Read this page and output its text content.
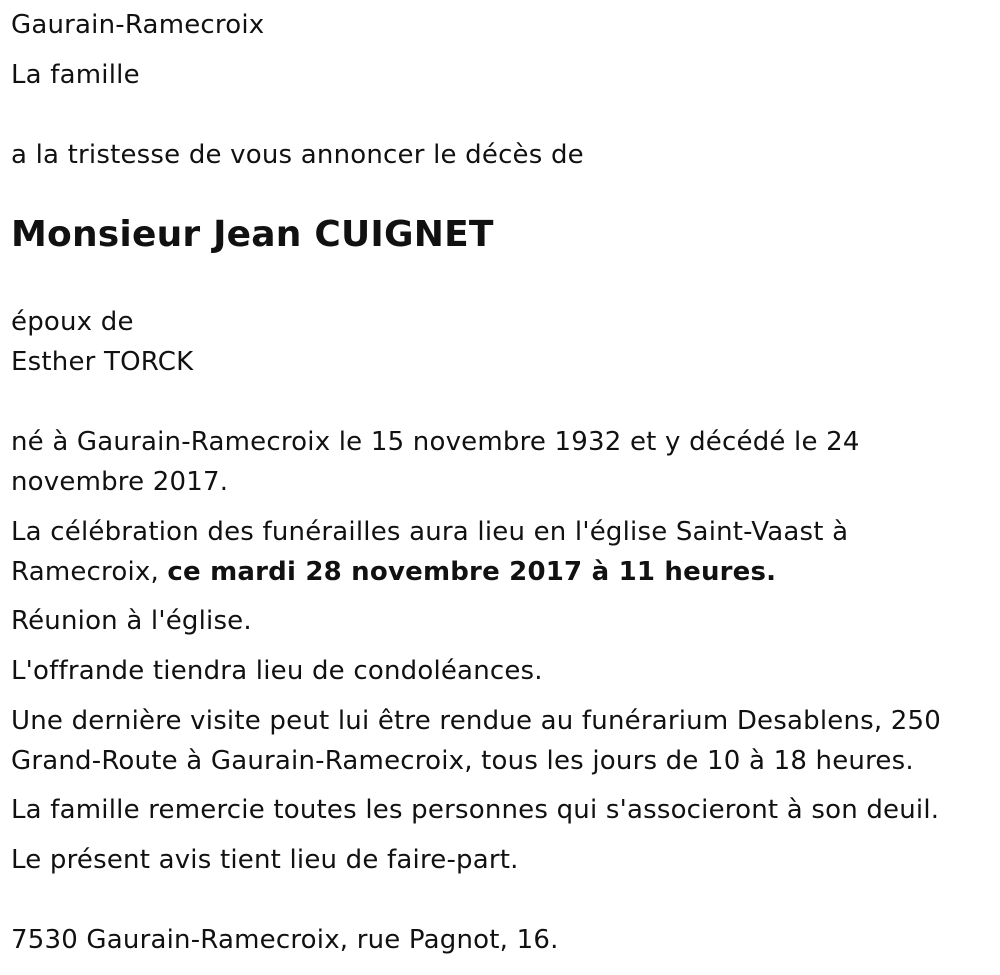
Gaurain-Ramecroix
La famille
a la tristesse de vous annoncer le décès de
Monsieur Jean CUIGNET
époux de
Esther TORCK
né à Gaurain-Ramecroix le 15 novembre 1932 et y décédé le 24 novembre 2017.
La célébration des funérailles aura lieu en l'église Saint-Vaast à Ramecroix, ce mardi 28 novembre 2017 à 11 heures.
Réunion à l'église.
L'offrande tiendra lieu de condoléances.
Une dernière visite peut lui être rendue au funérarium Desablens, 250 Grand-Route à Gaurain-Ramecroix, tous les jours de 10 à 18 heures.
La famille remercie toutes les personnes qui s'associeront à son deuil.
Le présent avis tient lieu de faire-part.
7530 Gaurain-Ramecroix, rue Pagnot, 16.
